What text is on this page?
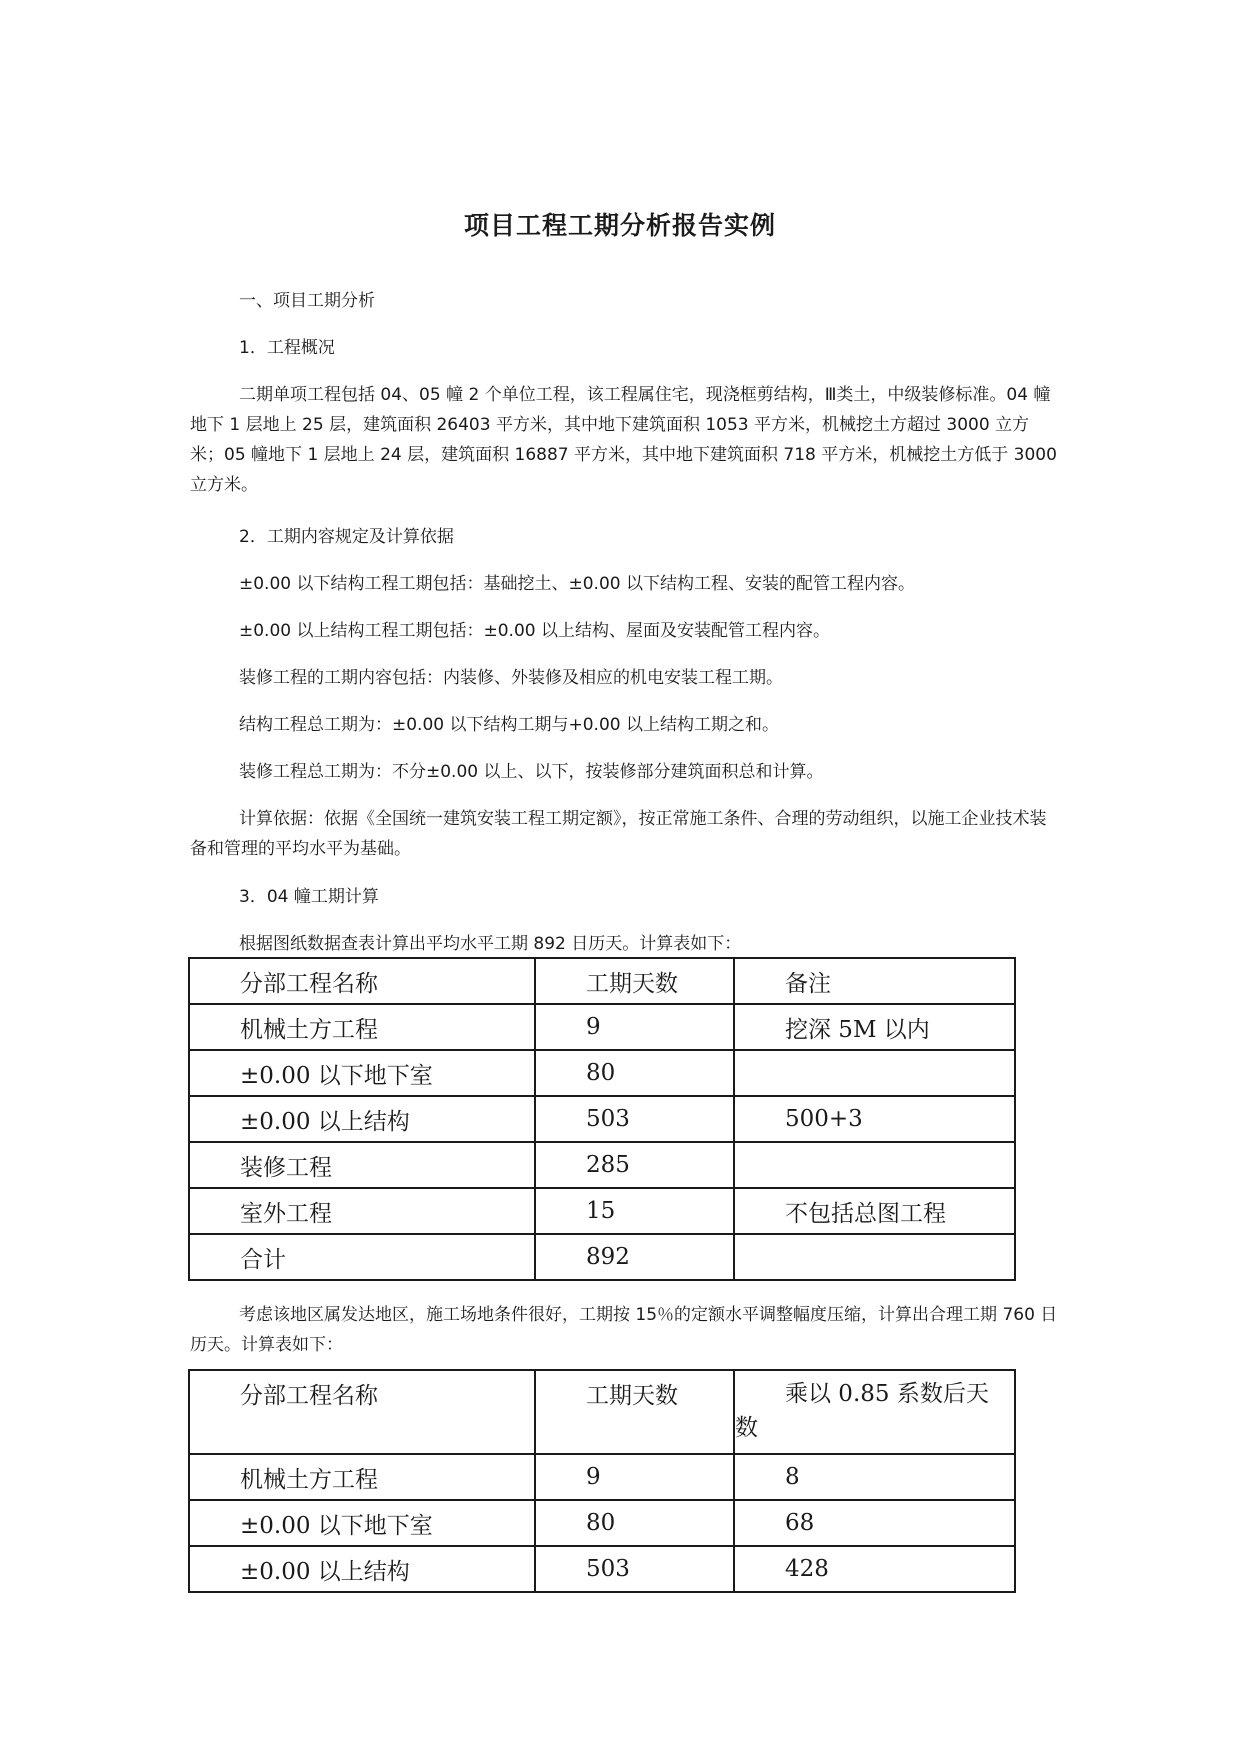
项目工程工期分析报告实例
一、项目工期分析
1．工程概况

二期单项工程包括 04、05 幢 2 个单位工程，该工程属住宅，现浇框剪结构，Ⅲ类土，中级装修标准。04 幢地下 1 层地上 25 层，建筑面积 26403 平方米，其中地下建筑面积 1053 平方米，机械挖土方超过 3000 立方米；05 幢地下 1 层地上 24 层，建筑面积 16887 平方米，其中地下建筑面积 718 平方米，机械挖土方低于 3000 立方米。

2．工期内容规定及计算依据

±0.00 以下结构工程工期包括：基础挖土、±0.00 以下结构工程、安装的配管工程内容。

±0.00 以上结构工程工期包括：±0.00 以上结构、屋面及安装配管工程内容。

装修工程的工期内容包括：内装修、外装修及相应的机电安装工程工期。

结构工程总工期为：±0.00 以下结构工期与+0.00 以上结构工期之和。

装修工程总工期为：不分±0.00 以上、以下，按装修部分建筑面积总和计算。

计算依据：依据《全国统一建筑安装工程工期定额》，按正常施工条件、合理的劳动组织，以施工企业技术装备和管理的平均水平为基础。

3．04 幢工期计算

根据图纸数据查表计算出平均水平工期 892 日历天。计算表如下：

分部工程名称	工期天数	备注
机械土方工程	9	挖深 5M 以内
±0.00 以下地下室	80	
±0.00 以上结构	503	500+3
装修工程	285	
室外工程	15	不包括总图工程
合计	892	

考虑该地区属发达地区，施工场地条件很好，工期按 15％的定额水平调整幅度压缩，计算出合理工期 760 日历天。计算表如下：

分部工程名称	工期天数	乘以 0.85 系数后天数
机械土方工程	9	8
±0.00 以下地下室	80	68
±0.00 以上结构	503	428
